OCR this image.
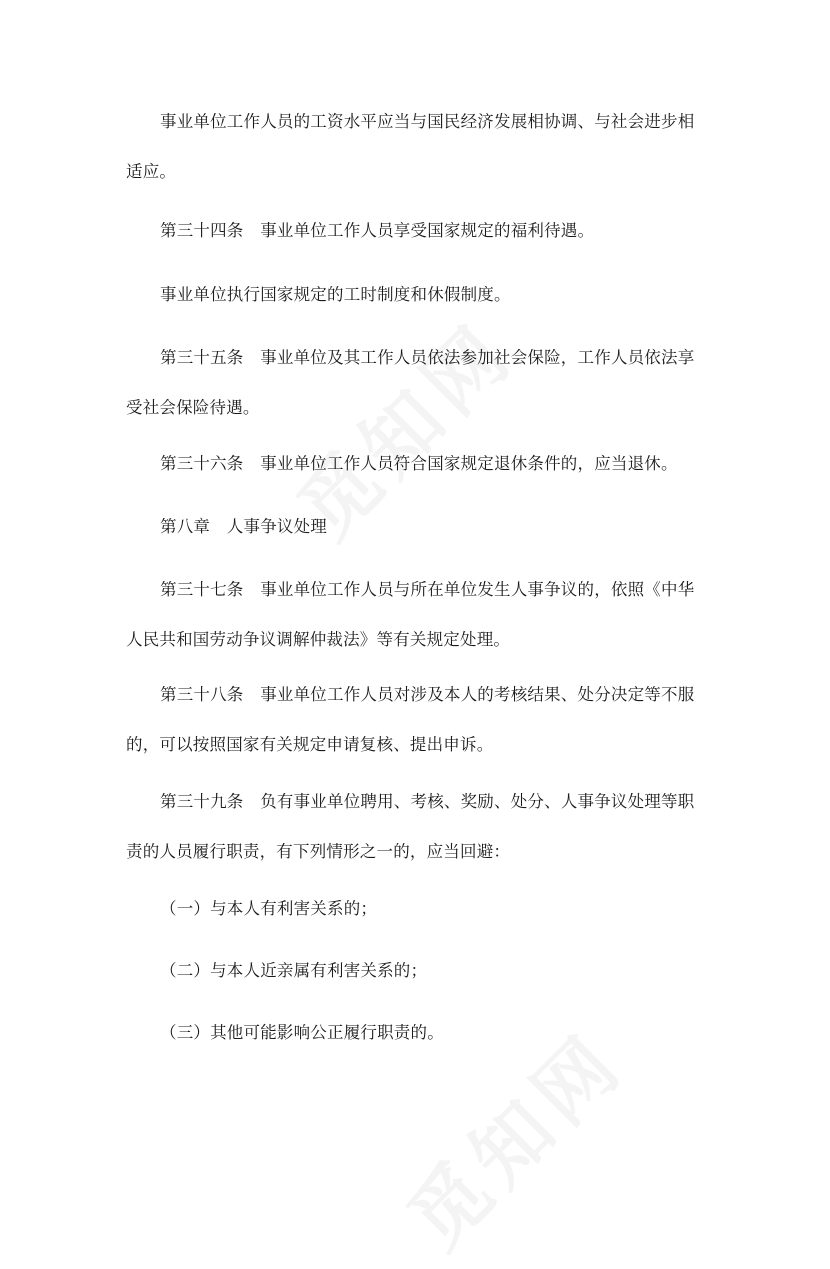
事业单位工作人员的工资水平应当与国民经济发展相协调、与社会进步相适应。

第三十四条　事业单位工作人员享受国家规定的福利待遇。

事业单位执行国家规定的工时制度和休假制度。

第三十五条　事业单位及其工作人员依法参加社会保险，工作人员依法享受社会保险待遇。

第三十六条　事业单位工作人员符合国家规定退休条件的，应当退休。

第八章　人事争议处理

第三十七条　事业单位工作人员与所在单位发生人事争议的，依照《中华人民共和国劳动争议调解仲裁法》等有关规定处理。

第三十八条　事业单位工作人员对涉及本人的考核结果、处分决定等不服的，可以按照国家有关规定申请复核、提出申诉。

第三十九条　负有事业单位聘用、考核、奖励、处分、人事争议处理等职责的人员履行职责，有下列情形之一的，应当回避：

（一）与本人有利害关系的；

（二）与本人近亲属有利害关系的；

（三）其他可能影响公正履行职责的。
